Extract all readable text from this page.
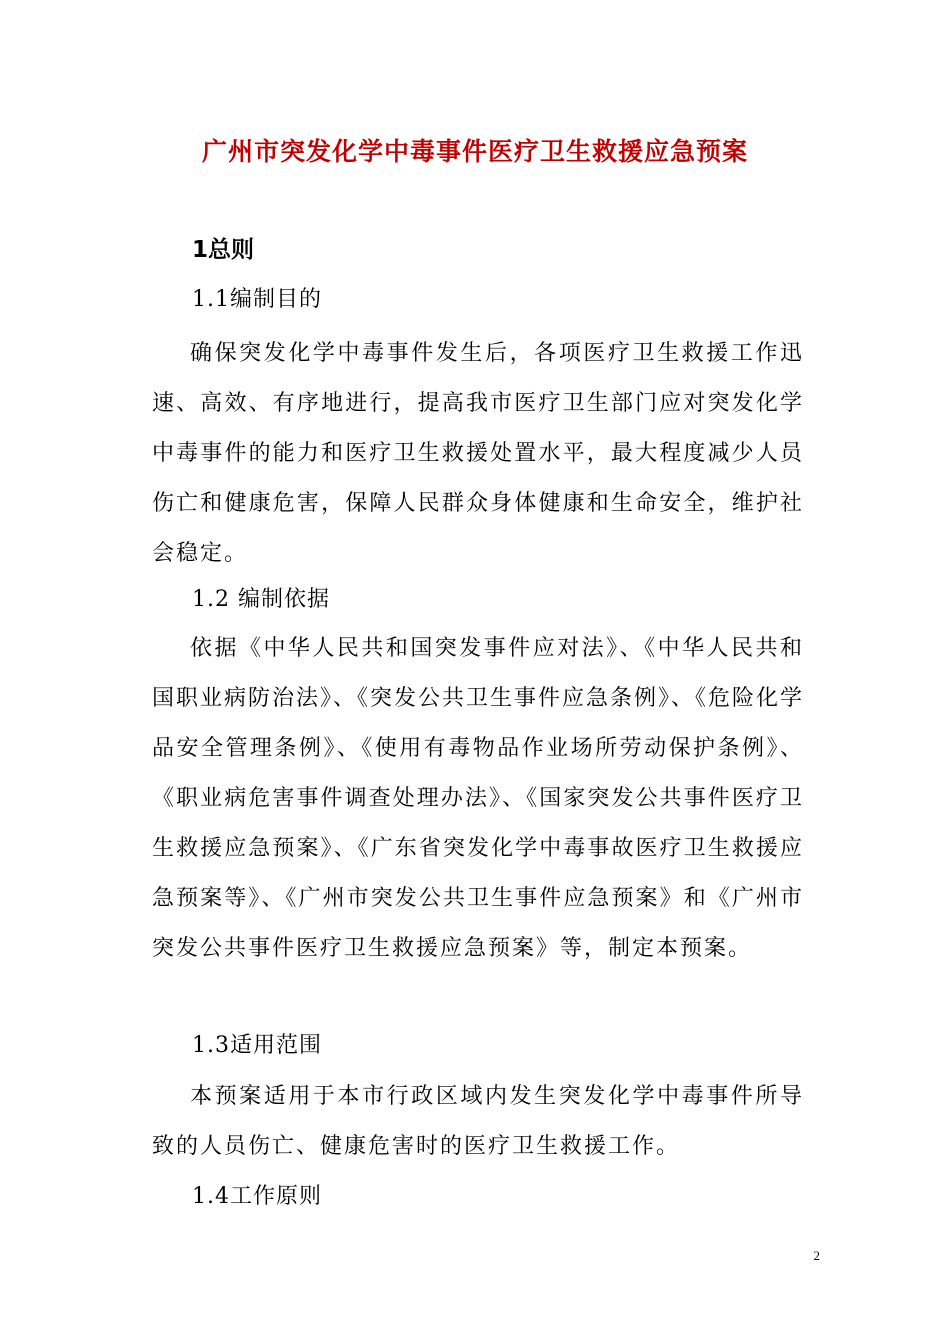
广州市突发化学中毒事件医疗卫生救援应急预案
1总则
1.1编制目的

确保突发化学中毒事件发生后，各项医疗卫生救援工作迅速、高效、有序地进行，提高我市医疗卫生部门应对突发化学中毒事件的能力和医疗卫生救援处置水平，最大程度减少人员伤亡和健康危害，保障人民群众身体健康和生命安全，维护社会稳定。

1.2 编制依据

依据《中华人民共和国突发事件应对法》、《中华人民共和国职业病防治法》、《突发公共卫生事件应急条例》、《危险化学品安全管理条例》、《使用有毒物品作业场所劳动保护条例》、《职业病危害事件调查处理办法》、《国家突发公共事件医疗卫生救援应急预案》、《广东省突发化学中毒事故医疗卫生救援应急预案等》、《广州市突发公共卫生事件应急预案》和《广州市突发公共事件医疗卫生救援应急预案》等，制定本预案。

1.3适用范围

本预案适用于本市行政区域内发生突发化学中毒事件所导致的人员伤亡、健康危害时的医疗卫生救援工作。

1.4工作原则
2
